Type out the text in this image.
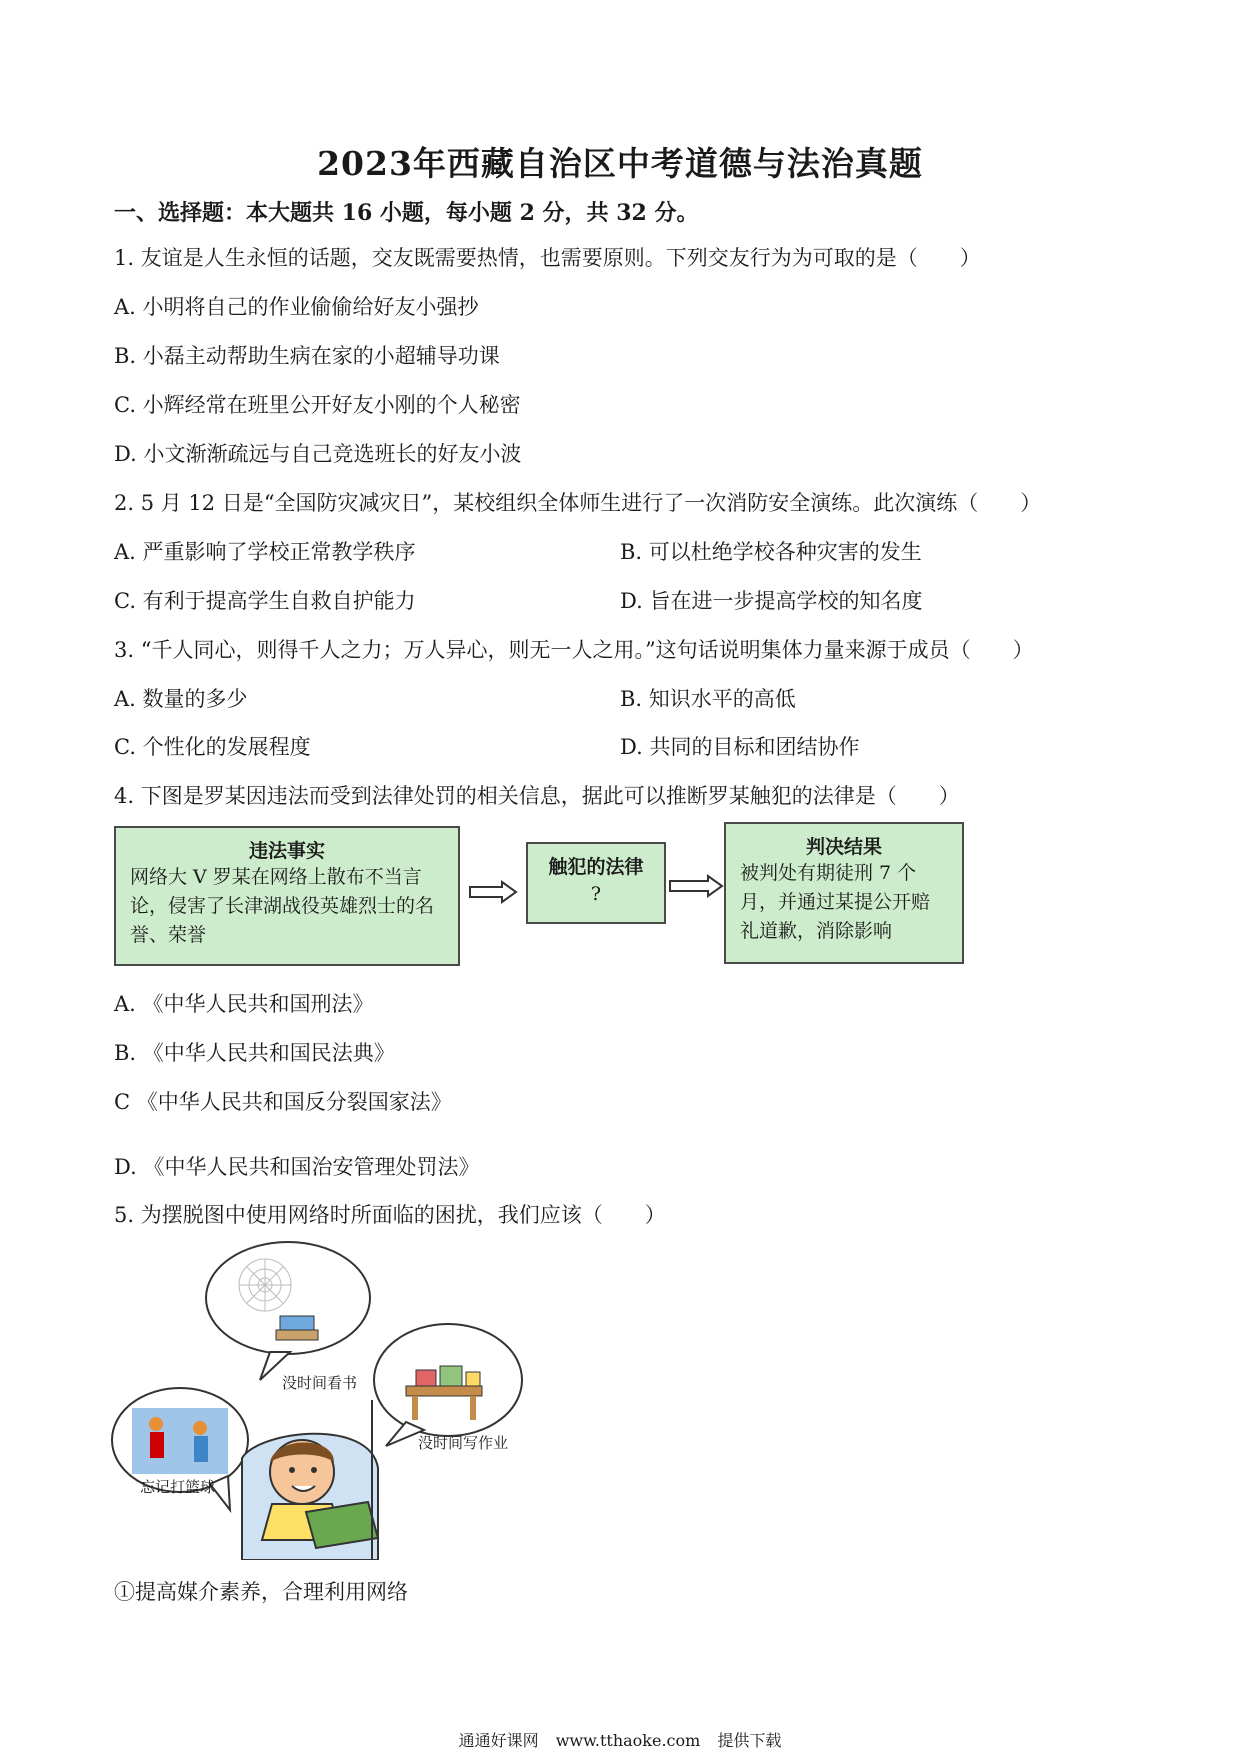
2023年西藏自治区中考道德与法治真题
一、选择题：本大题共 16 小题，每小题 2 分，共 32 分。
1. 友谊是人生永恒的话题，交友既需要热情，也需要原则。下列交友行为为可取的是（　　）
A. 小明将自己的作业偷偷给好友小强抄
B. 小磊主动帮助生病在家的小超辅导功课
C. 小辉经常在班里公开好友小刚的个人秘密
D. 小文渐渐疏远与自己竞选班长的好友小波
2. 5 月 12 日是“全国防灾减灾日”，某校组织全体师生进行了一次消防安全演练。此次演练（　　）
A. 严重影响了学校正常教学秩序	B. 可以杜绝学校各种灾害的发生
C. 有利于提高学生自救自护能力	D. 旨在进一步提高学校的知名度
3. “千人同心，则得千人之力；万人异心，则无一人之用。”这句话说明集体力量来源于成员（　　）
A. 数量的多少	B. 知识水平的高低
C. 个性化的发展程度	D. 共同的目标和团结协作
4. 下图是罗某因违法而受到法律处罚的相关信息，据此可以推断罗某触犯的法律是（　　）
违法事实
网络大 V 罗某在网络上散布不当言论，侵害了长津湖战役英雄烈士的名誉、荣誉
触犯的法律
?
判决结果
被判处有期徒刑 7 个月，并通过某提公开赔礼道歉，消除影响
A. 《中华人民共和国刑法》
B. 《中华人民共和国民法典》
C 《中华人民共和国反分裂国家法》
D. 《中华人民共和国治安管理处罚法》
5. 为摆脱图中使用网络时所面临的困扰，我们应该（　　）
没时间看书
没时间写作业
忘记打篮球
①提高媒介素养，合理利用网络
通通好课网 www.tthaoke.com 提供下载
